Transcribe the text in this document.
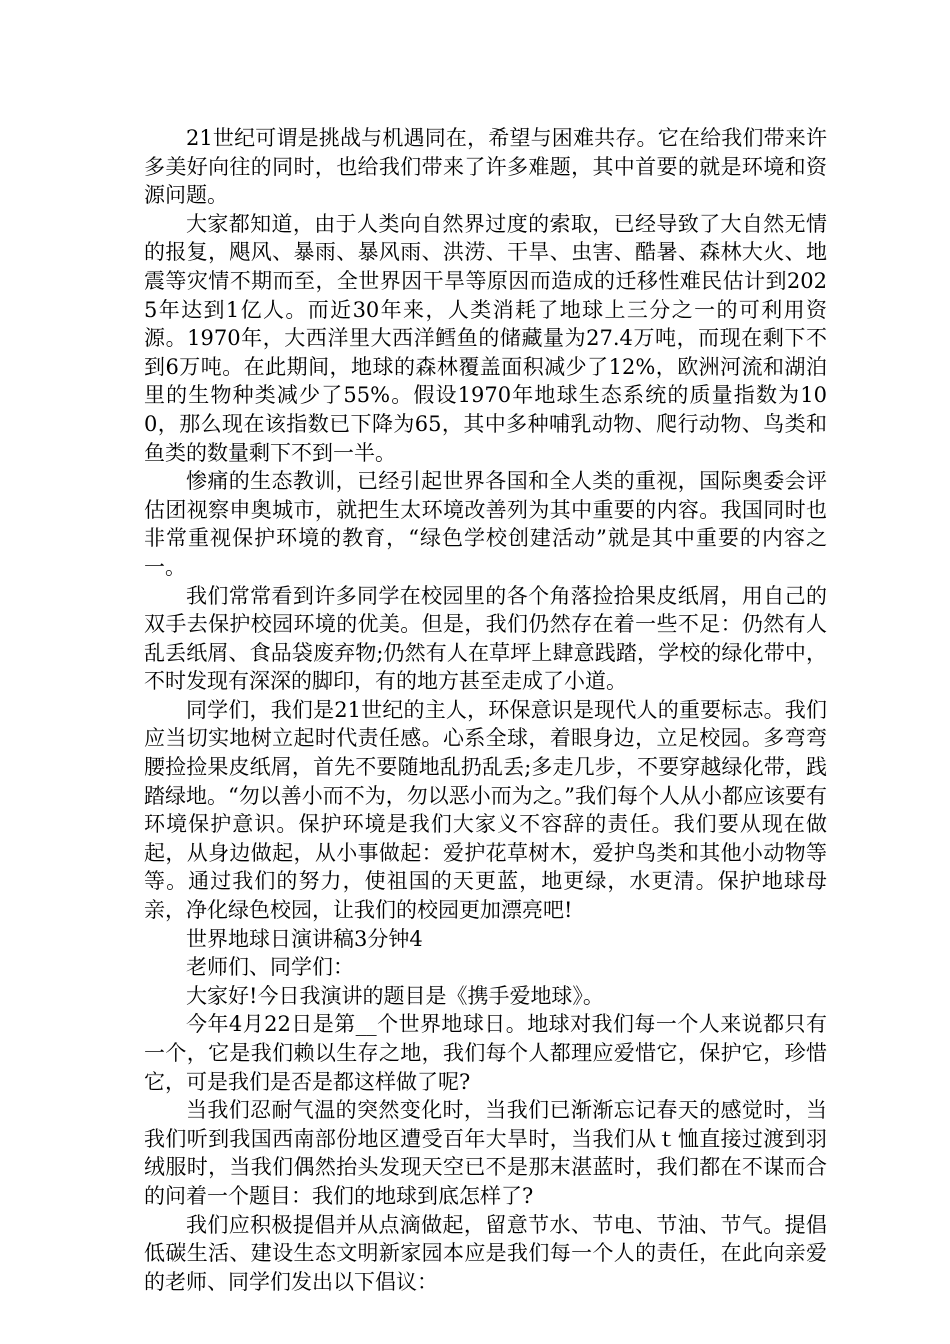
21世纪可谓是挑战与机遇同在，希望与困难共存。它在给我们带来许多美好向往的同时，也给我们带来了许多难题，其中首要的就是环境和资源问题。

大家都知道，由于人类向自然界过度的索取，已经导致了大自然无情的报复，飓风、暴雨、暴风雨、洪涝、干旱、虫害、酷暑、森林大火、地震等灾情不期而至，全世界因干旱等原因而造成的迁移性难民估计到2025年达到1亿人。而近30年来，人类消耗了地球上三分之一的可利用资源。1970年，大西洋里大西洋鳕鱼的储藏量为27.4万吨，而现在剩下不到6万吨。在此期间，地球的森林覆盖面积减少了12%，欧洲河流和湖泊里的生物种类减少了55%。假设1970年地球生态系统的质量指数为100，那么现在该指数已下降为65，其中多种哺乳动物、爬行动物、鸟类和鱼类的数量剩下不到一半。

惨痛的生态教训，已经引起世界各国和全人类的重视，国际奥委会评估团视察申奥城市，就把生太环境改善列为其中重要的内容。我国同时也非常重视保护环境的教育，“绿色学校创建活动”就是其中重要的内容之一。

我们常常看到许多同学在校园里的各个角落捡拾果皮纸屑，用自己的双手去保护校园环境的优美。但是，我们仍然存在着一些不足：仍然有人乱丢纸屑、食品袋废弃物;仍然有人在草坪上肆意践踏，学校的绿化带中，不时发现有深深的脚印，有的地方甚至走成了小道。

同学们，我们是21世纪的主人，环保意识是现代人的重要标志。我们应当切实地树立起时代责任感。心系全球，着眼身边，立足校园。多弯弯腰捡捡果皮纸屑，首先不要随地乱扔乱丢;多走几步，不要穿越绿化带，践踏绿地。“勿以善小而不为，勿以恶小而为之。”我们每个人从小都应该要有环境保护意识。保护环境是我们大家义不容辞的责任。我们要从现在做起，从身边做起，从小事做起：爱护花草树木，爱护鸟类和其他小动物等等。通过我们的努力，使祖国的天更蓝，地更绿，水更清。保护地球母亲，净化绿色校园，让我们的校园更加漂亮吧!

世界地球日演讲稿3分钟4

老师们、同学们：

大家好!今日我演讲的题目是《携手爱地球》。

今年4月22日是第__个世界地球日。地球对我们每一个人来说都只有一个，它是我们赖以生存之地，我们每个人都理应爱惜它，保护它，珍惜它，可是我们是否是都这样做了呢?

当我们忍耐气温的突然变化时，当我们已渐渐忘记春天的感觉时，当我们听到我国西南部份地区遭受百年大旱时，当我们从ｔ恤直接过渡到羽绒服时，当我们偶然抬头发现天空已不是那末湛蓝时，我们都在不谋而合的问着一个题目：我们的地球到底怎样了?

我们应积极提倡并从点滴做起，留意节水、节电、节油、节气。提倡低碳生活、建设生态文明新家园本应是我们每一个人的责任，在此向亲爱的老师、同学们发出以下倡议：
